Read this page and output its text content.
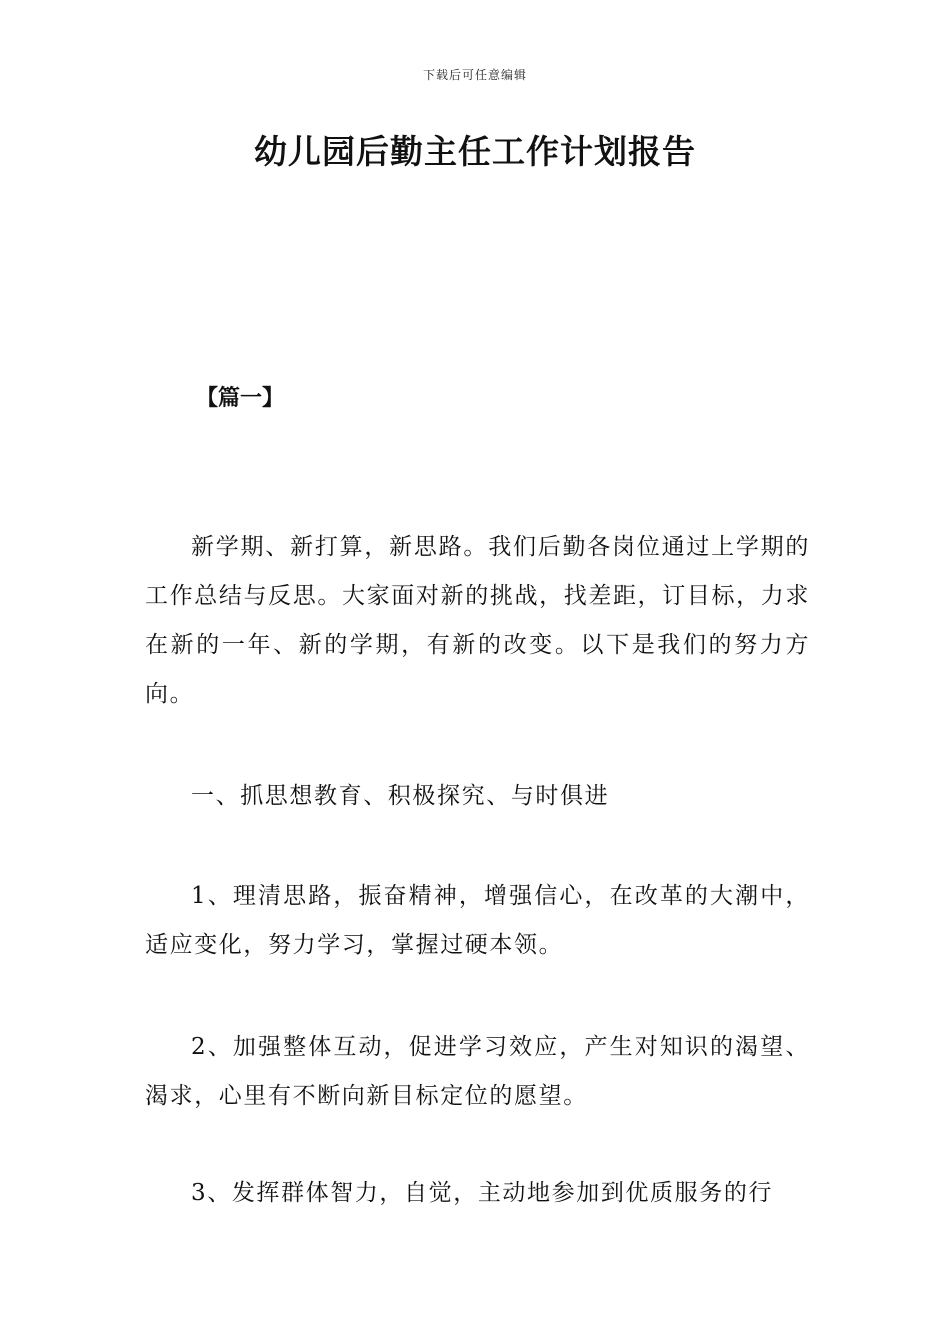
下载后可任意编辑
幼儿园后勤主任工作计划报告
【篇一】

新学期、新打算，新思路。我们后勤各岗位通过上学期的工作总结与反思。大家面对新的挑战，找差距，订目标，力求在新的一年、新的学期，有新的改变。以下是我们的努力方向。

一、抓思想教育、积极探究、与时俱进

1、理清思路，振奋精神，增强信心，在改革的大潮中，适应变化，努力学习，掌握过硬本领。

2、加强整体互动，促进学习效应，产生对知识的渴望、渴求，心里有不断向新目标定位的愿望。

3、发挥群体智力，自觉，主动地参加到优质服务的行
